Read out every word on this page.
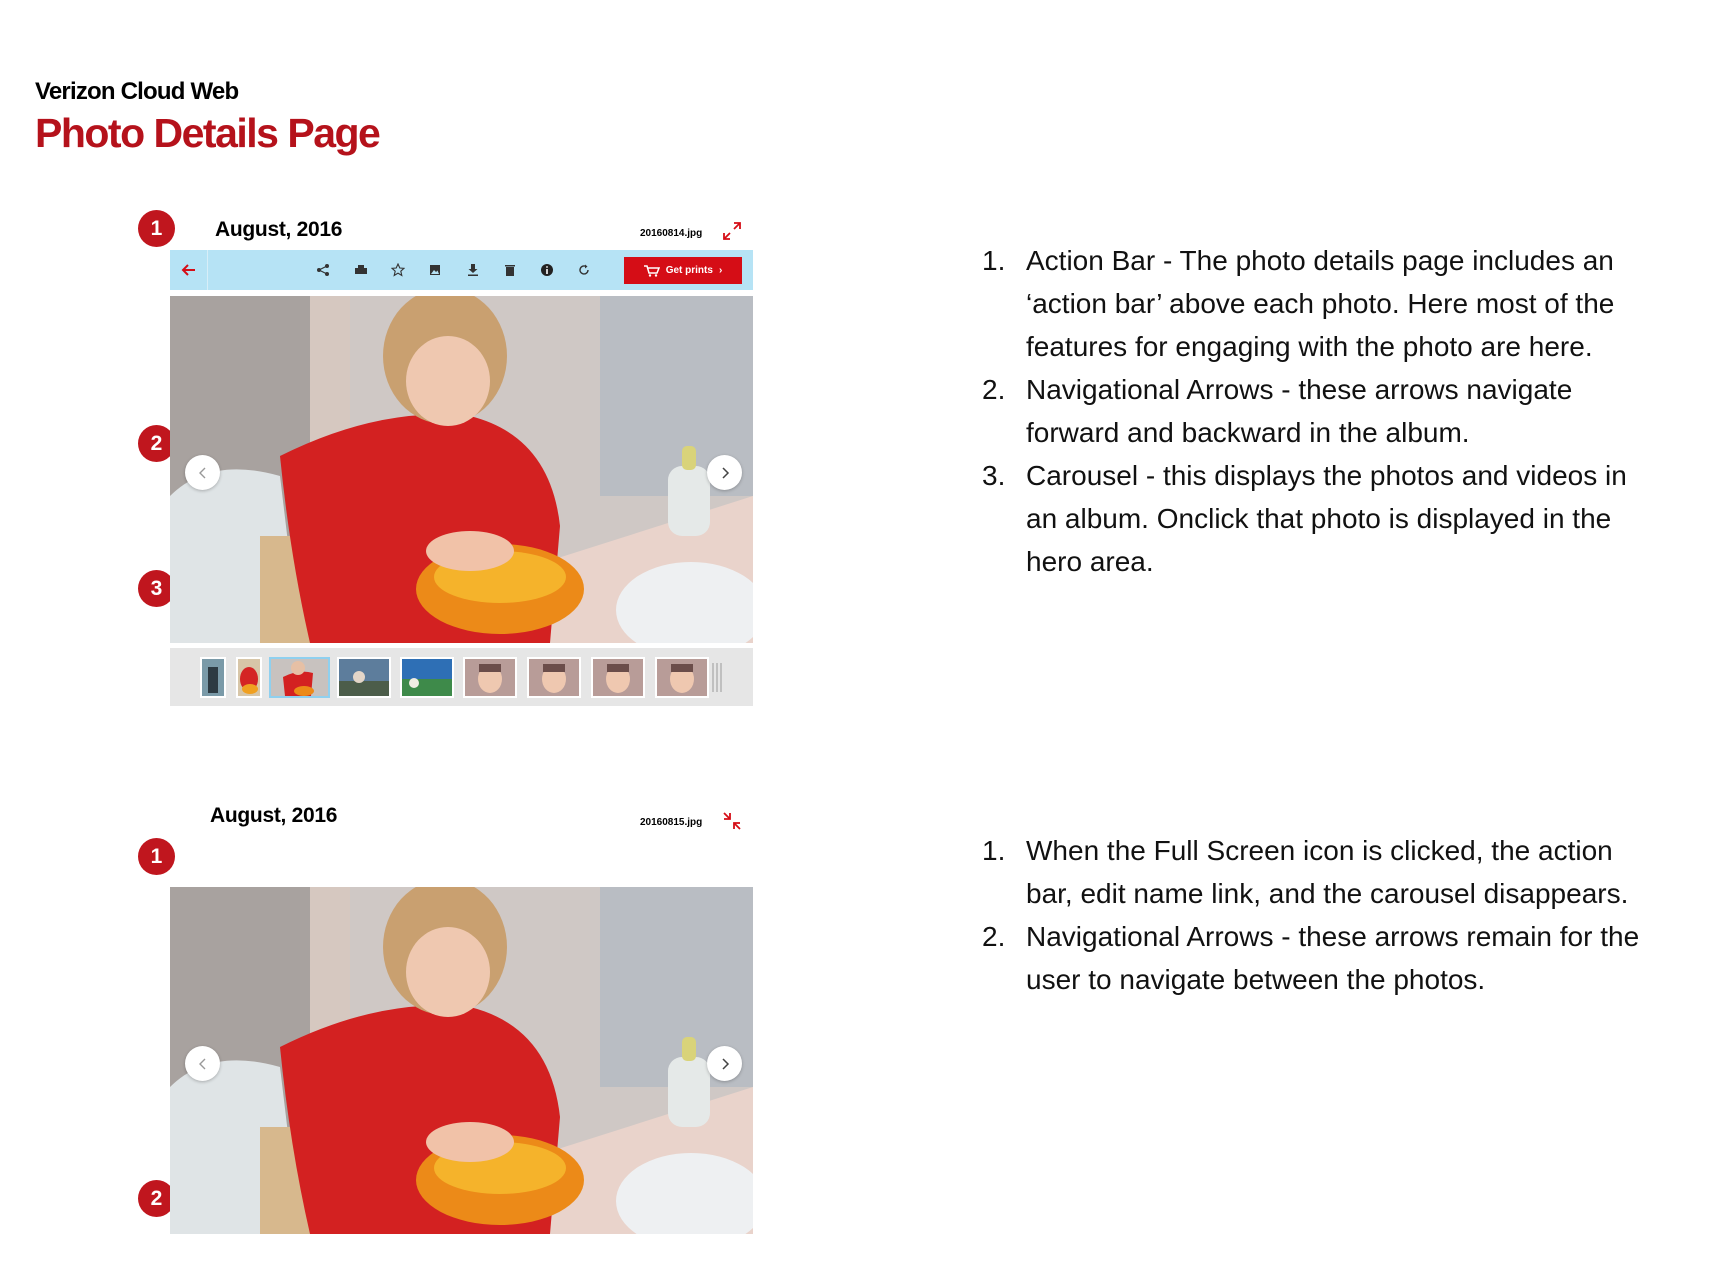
Verizon Cloud Web
Photo Details Page
1
2
3
August, 2016	20160814.jpg
Get prints ›	1. Action Bar - The photo details page includes an ‘action bar’ above each photo. Here most of the features for engaging with the photo are here.
2. Navigational Arrows - these arrows navigate forward and backward in the album.
3. Carousel - this displays the photos and videos in an album. Onclick that photo is displayed in the hero area.
August, 2016	20160815.jpg
1
2
1. When the Full Screen icon is clicked, the action bar, edit name link, and the carousel disappears.
2. Navigational Arrows - these arrows remain for the user to navigate between the photos.
